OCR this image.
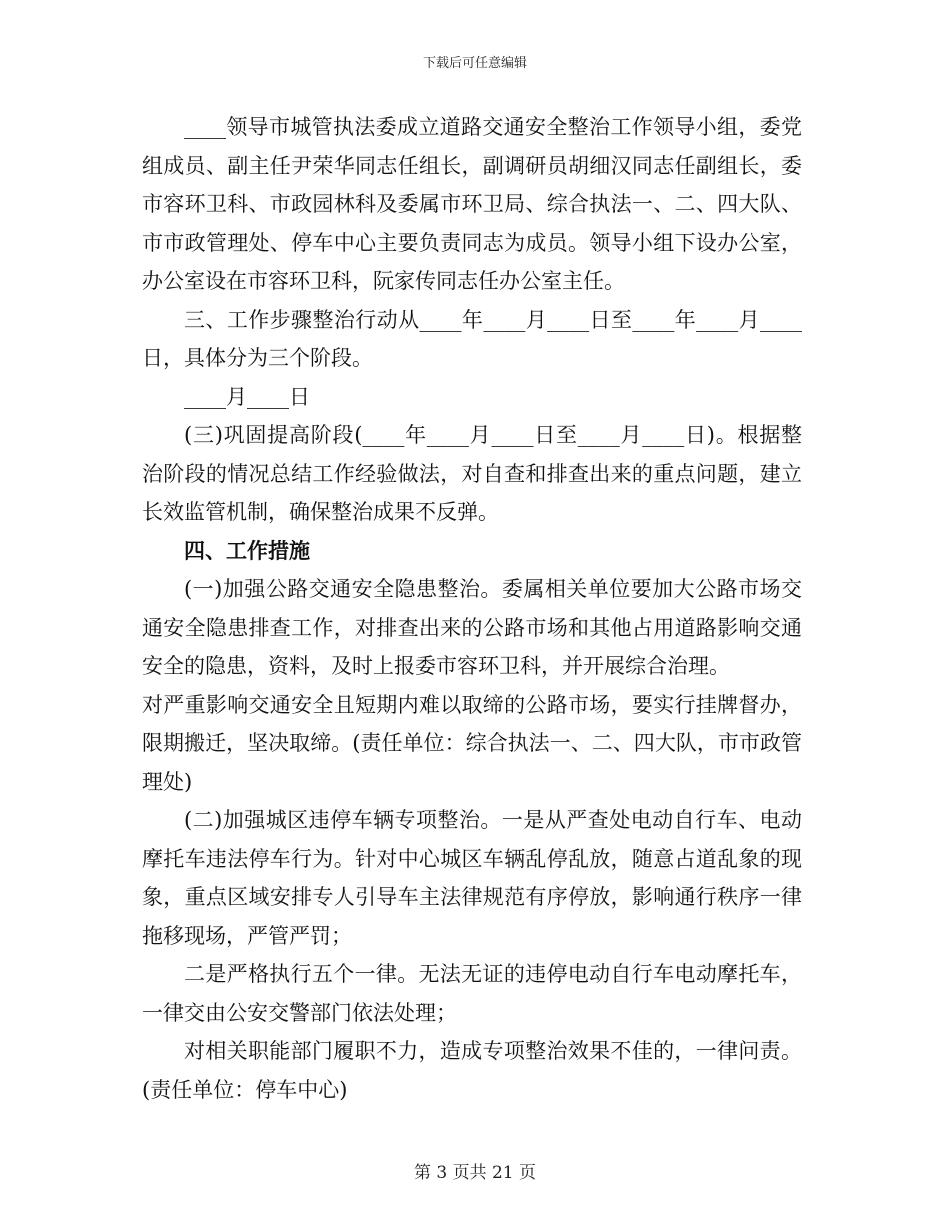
下载后可任意编辑

____领导市城管执法委成立道路交通安全整治工作领导小组，委党组成员、副主任尹荣华同志任组长，副调研员胡细汉同志任副组长，委市容环卫科、市政园林科及委属市环卫局、综合执法一、二、四大队、市市政管理处、停车中心主要负责同志为成员。领导小组下设办公室，办公室设在市容环卫科，阮家传同志任办公室主任。

三、工作步骤整治行动从____年____月____日至____年____月____日，具体分为三个阶段。

____月____日

(三)巩固提高阶段(____年____月____日至____月____日)。根据整治阶段的情况总结工作经验做法，对自查和排查出来的重点问题，建立长效监管机制，确保整治成果不反弹。

四、工作措施

(一)加强公路交通安全隐患整治。委属相关单位要加大公路市场交通安全隐患排查工作，对排查出来的公路市场和其他占用道路影响交通安全的隐患，资料，及时上报委市容环卫科，并开展综合治理。

对严重影响交通安全且短期内难以取缔的公路市场，要实行挂牌督办，限期搬迁，坚决取缔。(责任单位：综合执法一、二、四大队，市市政管理处)

(二)加强城区违停车辆专项整治。一是从严查处电动自行车、电动摩托车违法停车行为。针对中心城区车辆乱停乱放，随意占道乱象的现象，重点区域安排专人引导车主法律规范有序停放，影响通行秩序一律拖移现场，严管严罚；

二是严格执行五个一律。无法无证的违停电动自行车电动摩托车，一律交由公安交警部门依法处理；

对相关职能部门履职不力，造成专项整治效果不佳的，一律问责。(责任单位：停车中心)

第 3 页共 21 页
